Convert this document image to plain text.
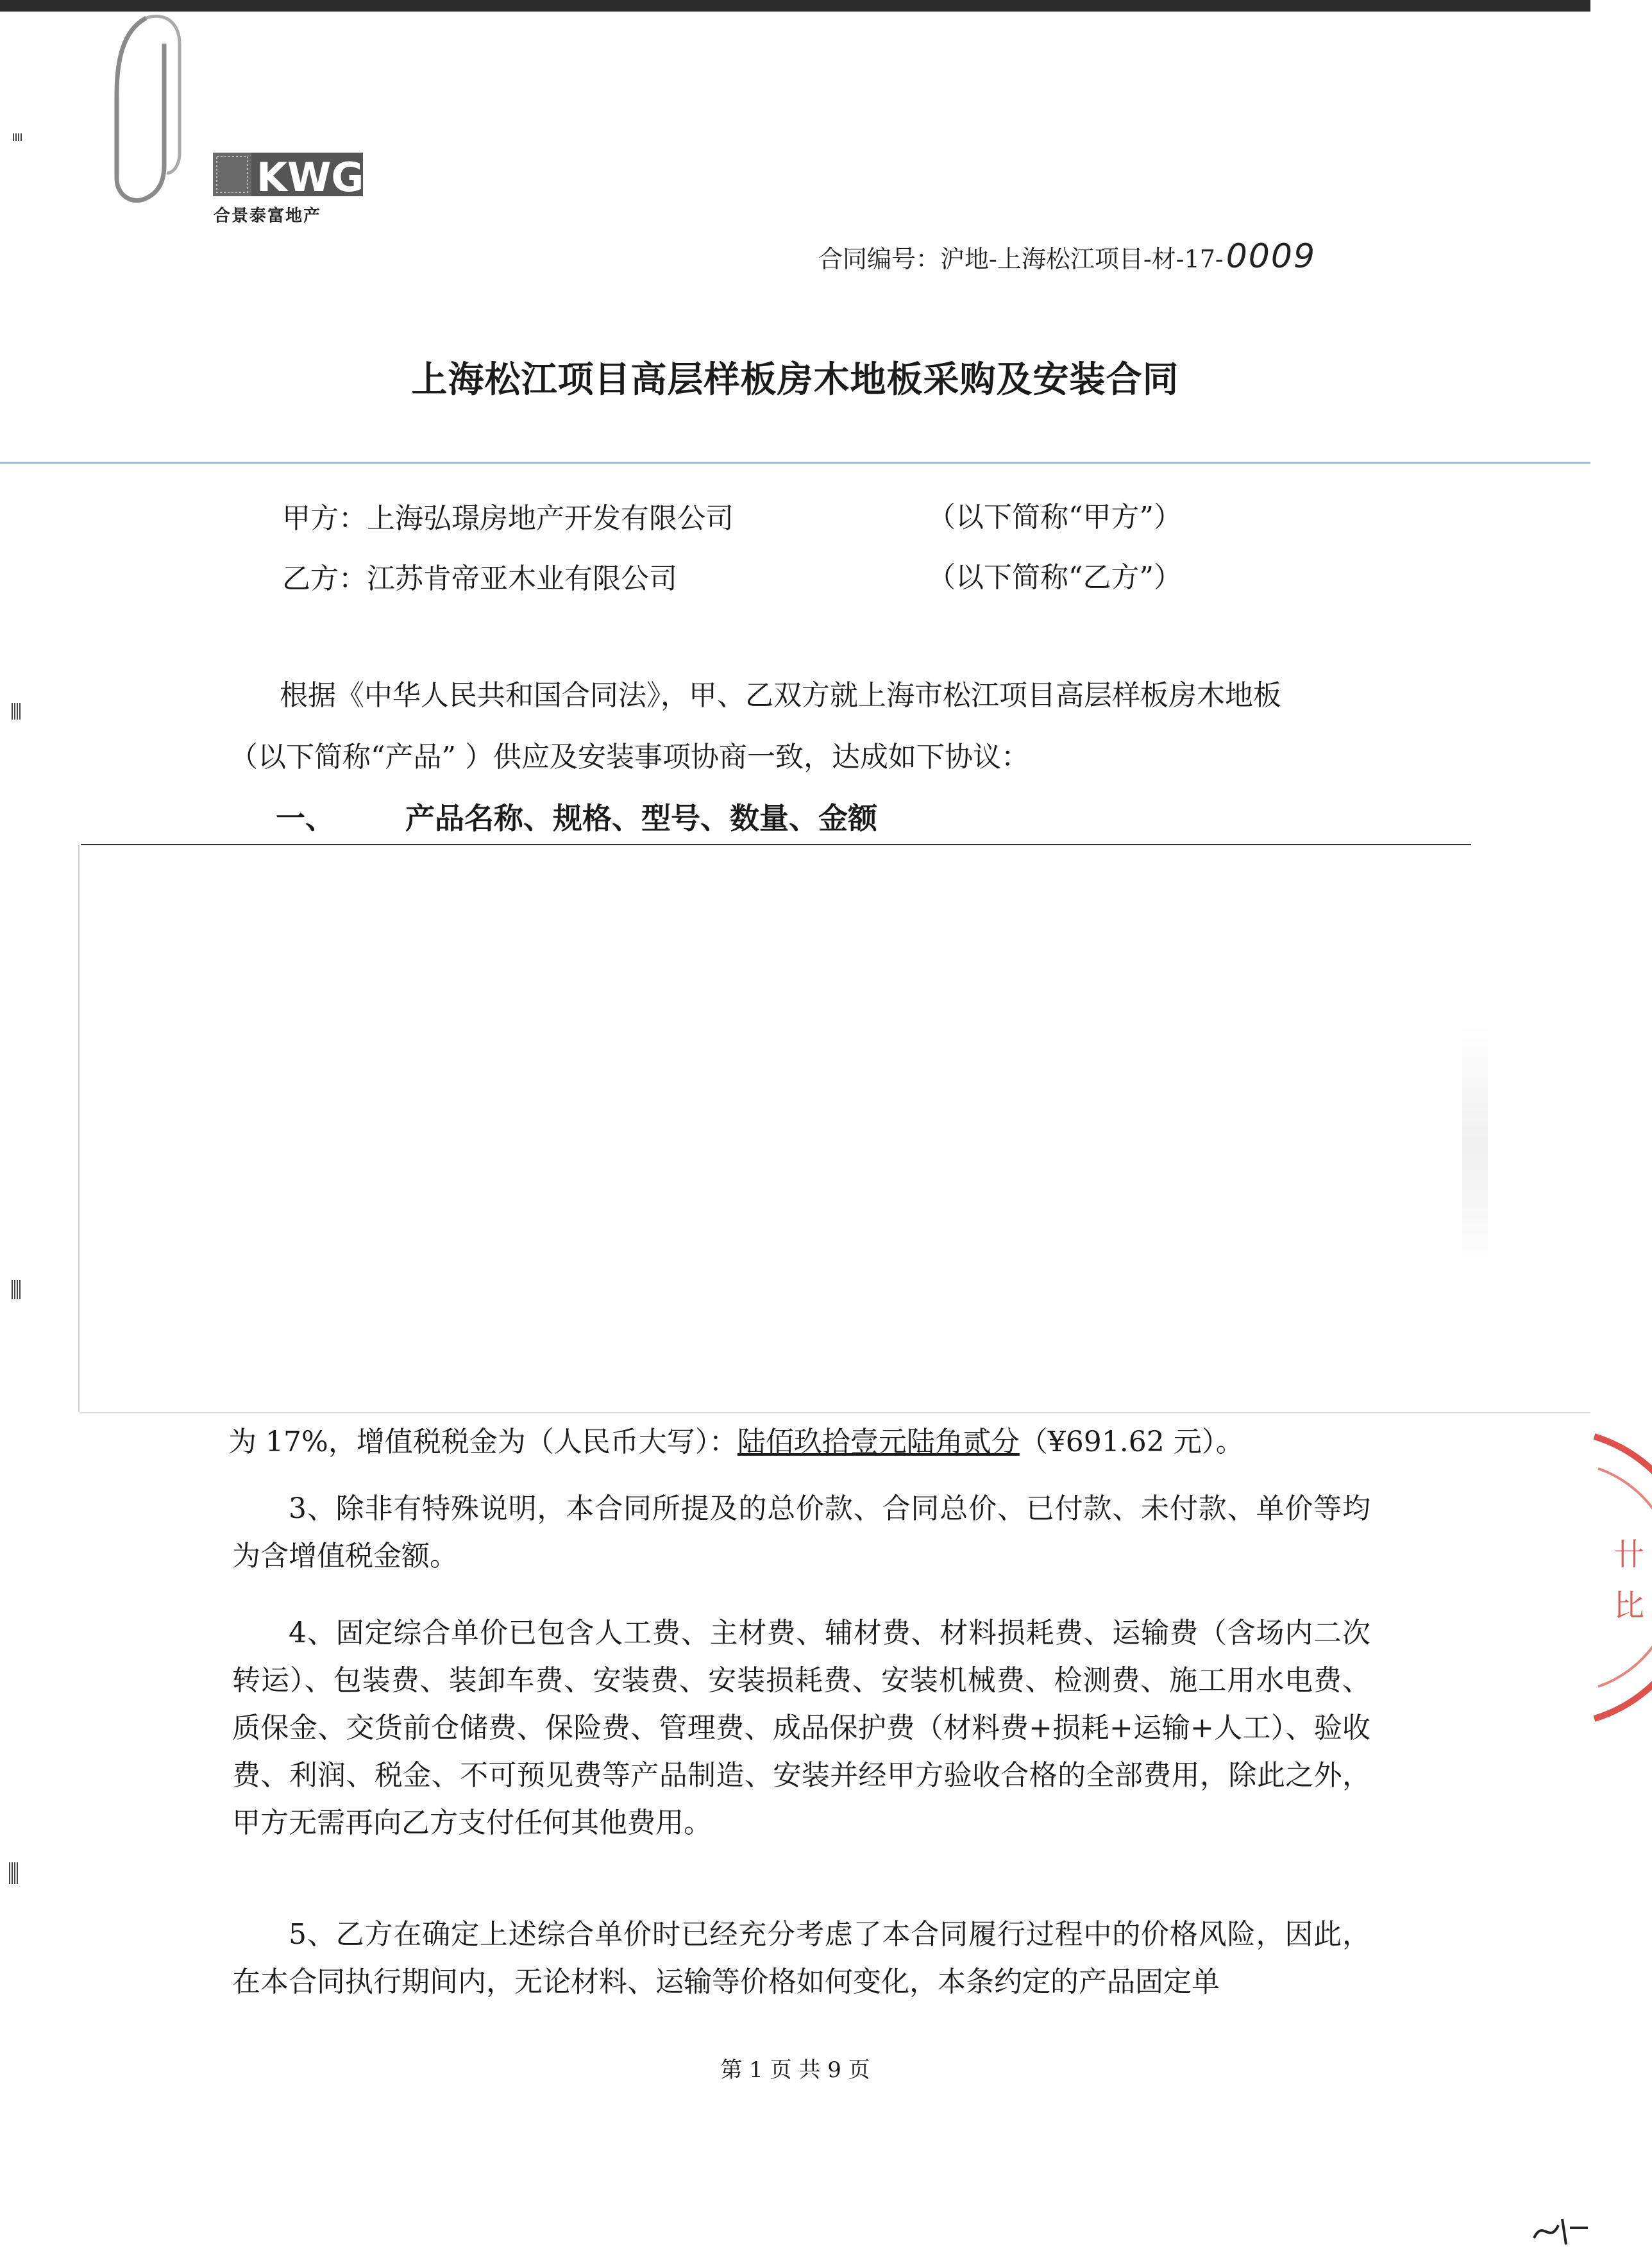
KWG
合景泰富地产
合同编号：沪地-上海松江项目-材-17-0009
上海松江项目高层样板房木地板采购及安装合同
甲方：上海弘璟房地产开发有限公司	（以下简称“甲方”）
乙方：江苏肯帝亚木业有限公司	（以下简称“乙方”）
根据《中华人民共和国合同法》，甲、乙双方就上海市松江项目高层样板房木地板
（以下简称“产品” ）供应及安装事项协商一致，达成如下协议：
一、 产品名称、规格、型号、数量、金额
为 17%，增值税税金为（人民币大写）：陆佰玖拾壹元陆角贰分（¥691.62 元）。

3、除非有特殊说明，本合同所提及的总价款、合同总价、已付款、未付款、单价等均为含增值税金额。

4、固定综合单价已包含人工费、主材费、辅材费、材料损耗费、运输费（含场内二次转运）、包装费、装卸车费、安装费、安装损耗费、安装机械费、检测费、施工用水电费、质保金、交货前仓储费、保险费、管理费、成品保护费（材料费+损耗+运输+人工）、验收费、利润、税金、不可预见费等产品制造、安装并经甲方验收合格的全部费用，除此之外，甲方无需再向乙方支付任何其他费用。

5、乙方在确定上述综合单价时已经充分考虑了本合同履行过程中的价格风险，因此，在本合同执行期间内，无论材料、运输等价格如何变化，本条约定的产品固定单

第 1 页 共 9 页
卄
比
